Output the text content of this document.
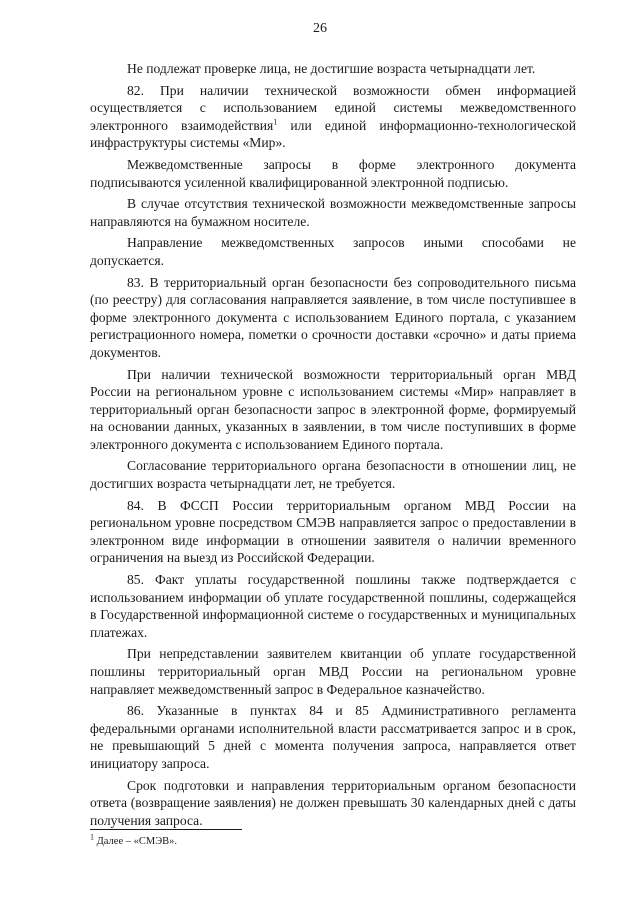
26

Не подлежат проверке лица, не достигшие возраста четырнадцати лет.

82. При наличии технической возможности обмен информацией осуществляется с использованием единой системы межведомственного электронного взаимодействия$^1$ или единой информационно-технологической инфраструктуры системы «Мир».

Межведомственные запросы в форме электронного документа подписываются усиленной квалифицированной электронной подписью.

В случае отсутствия технической возможности межведомственные запросы направляются на бумажном носителе.

Направление межведомственных запросов иными способами не допускается.

83. В территориальный орган безопасности без сопроводительного письма (по реестру) для согласования направляется заявление, в том числе поступившее в форме электронного документа с использованием Единого портала, с указанием регистрационного номера, пометки о срочности доставки «срочно» и даты приема документов.

При наличии технической возможности территориальный орган МВД России на региональном уровне с использованием системы «Мир» направляет в территориальный орган безопасности запрос в электронной форме, формируемый на основании данных, указанных в заявлении, в том числе поступивших в форме электронного документа с использованием Единого портала.

Согласование территориального органа безопасности в отношении лиц, не достигших возраста четырнадцати лет, не требуется.

84. В ФССП России территориальным органом МВД России на региональном уровне посредством СМЭВ направляется запрос о предоставлении в электронном виде информации в отношении заявителя о наличии временного ограничения на выезд из Российской Федерации.

85. Факт уплаты государственной пошлины также подтверждается с использованием информации об уплате государственной пошлины, содержащейся в Государственной информационной системе о государственных и муниципальных платежах.

При непредставлении заявителем квитанции об уплате государственной пошлины территориальный орган МВД России на региональном уровне направляет межведомственный запрос в Федеральное казначейство.

86. Указанные в пунктах 84 и 85 Административного регламента федеральными органами исполнительной власти рассматривается запрос и в срок, не превышающий 5 дней с момента получения запроса, направляется ответ инициатору запроса.

Срок подготовки и направления территориальным органом безопасности ответа (возвращение заявления) не должен превышать 30 календарных дней с даты получения запроса.

$^1$ Далее – «СМЭВ».
